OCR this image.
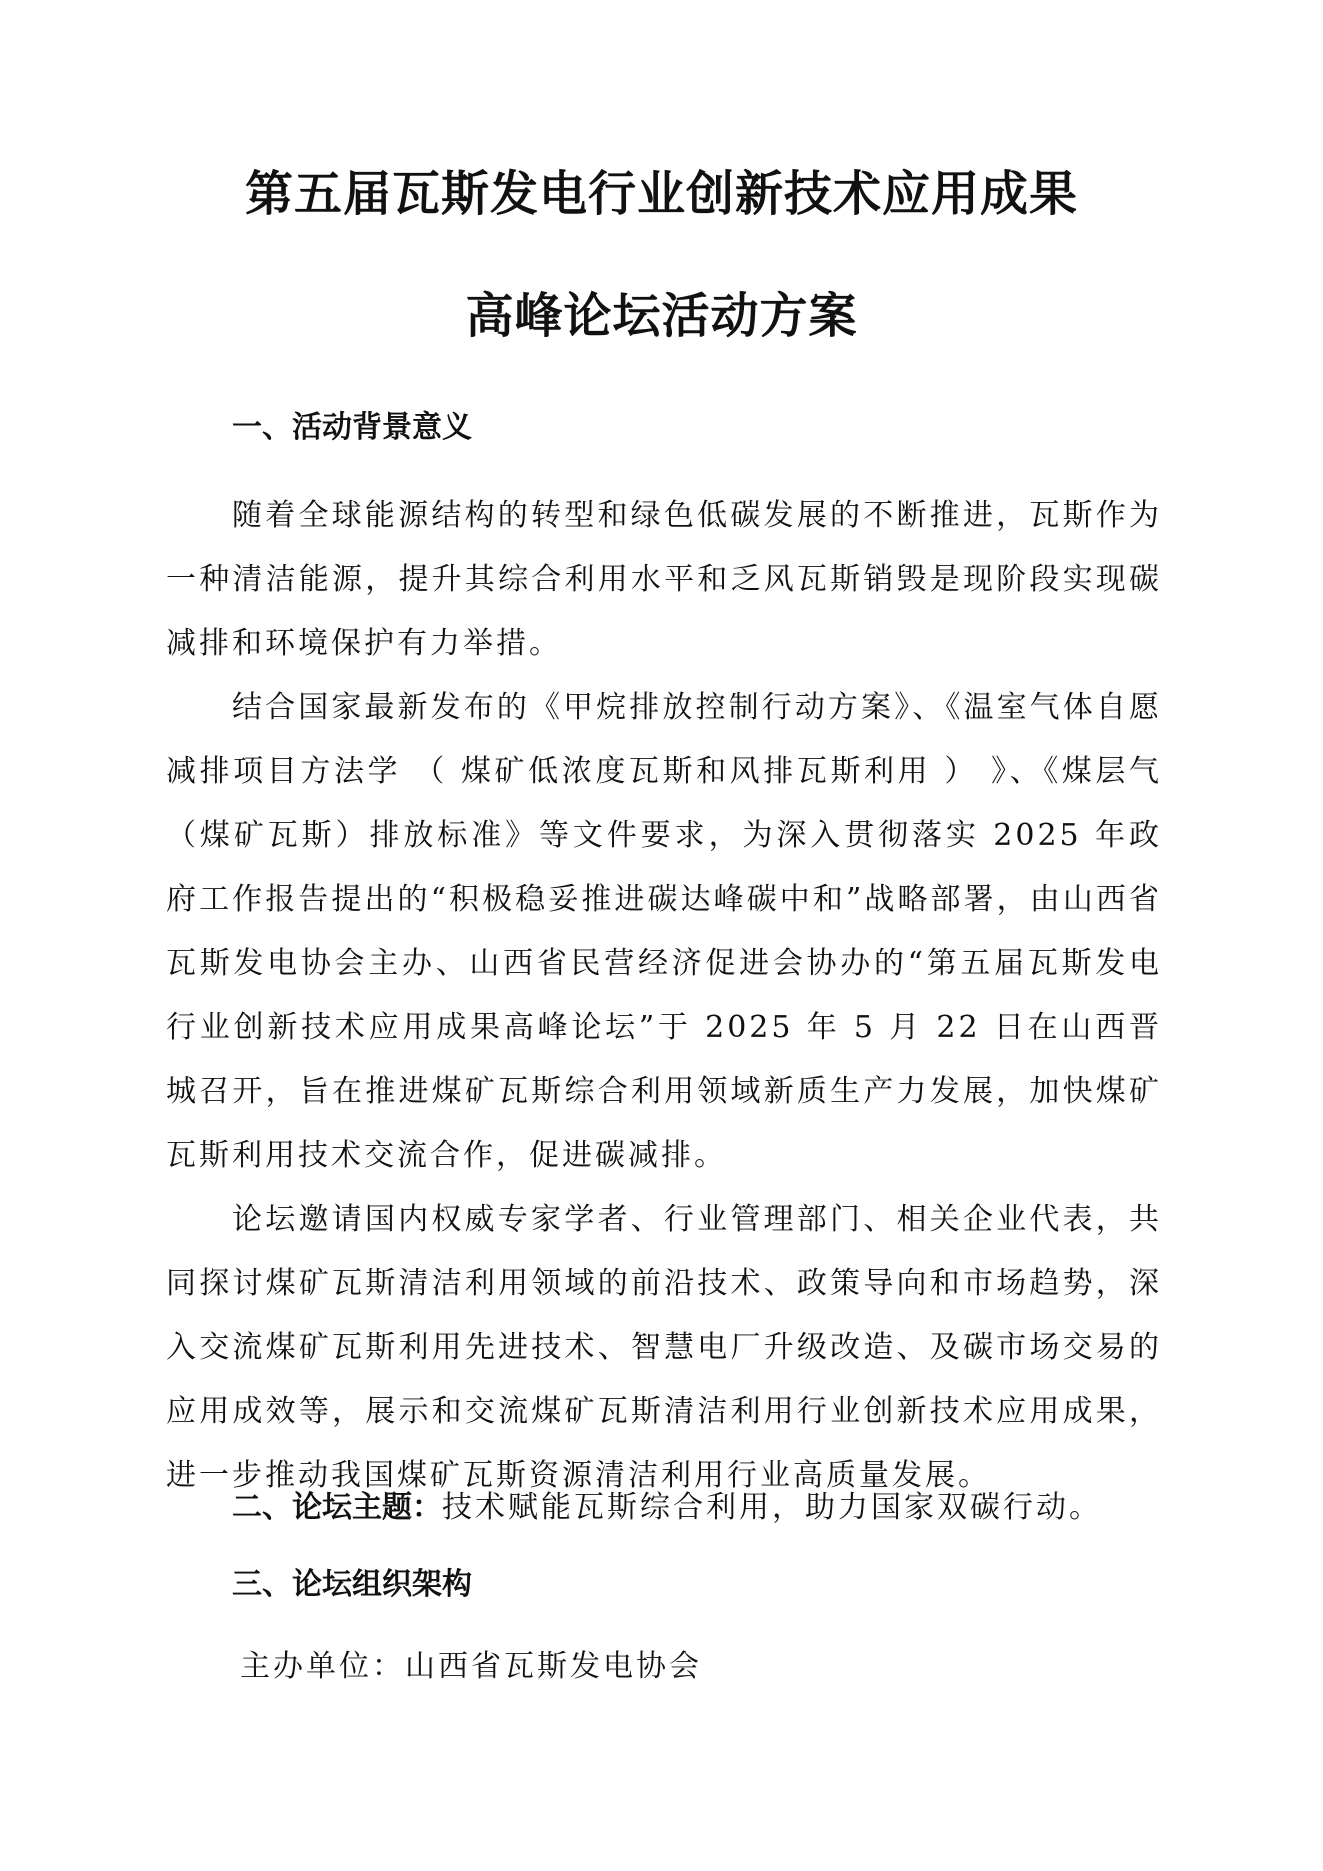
第五届瓦斯发电行业创新技术应用成果
高峰论坛活动方案
一、活动背景意义

随着全球能源结构的转型和绿色低碳发展的不断推进，瓦斯作为一种清洁能源，提升其综合利用水平和乏风瓦斯销毁是现阶段实现碳减排和环境保护有力举措。

结合国家最新发布的《甲烷排放控制行动方案》、《温室气体自愿减排项目方法学 （ 煤矿低浓度瓦斯和风排瓦斯利用 ） 》、《煤层气（煤矿瓦斯）排放标准》等文件要求，为深入贯彻落实 2025 年政府工作报告提出的“积极稳妥推进碳达峰碳中和”战略部署，由山西省瓦斯发电协会主办、山西省民营经济促进会协办的“第五届瓦斯发电行业创新技术应用成果高峰论坛”于 2025 年 5 月 22 日在山西晋城召开，旨在推进煤矿瓦斯综合利用领域新质生产力发展，加快煤矿瓦斯利用技术交流合作，促进碳减排。

论坛邀请国内权威专家学者、行业管理部门、相关企业代表，共同探讨煤矿瓦斯清洁利用领域的前沿技术、政策导向和市场趋势，深入交流煤矿瓦斯利用先进技术、智慧电厂升级改造、及碳市场交易的应用成效等，展示和交流煤矿瓦斯清洁利用行业创新技术应用成果，进一步推动我国煤矿瓦斯资源清洁利用行业高质量发展。

二、论坛主题：技术赋能瓦斯综合利用，助力国家双碳行动。
三、论坛组织架构
主办单位：山西省瓦斯发电协会
